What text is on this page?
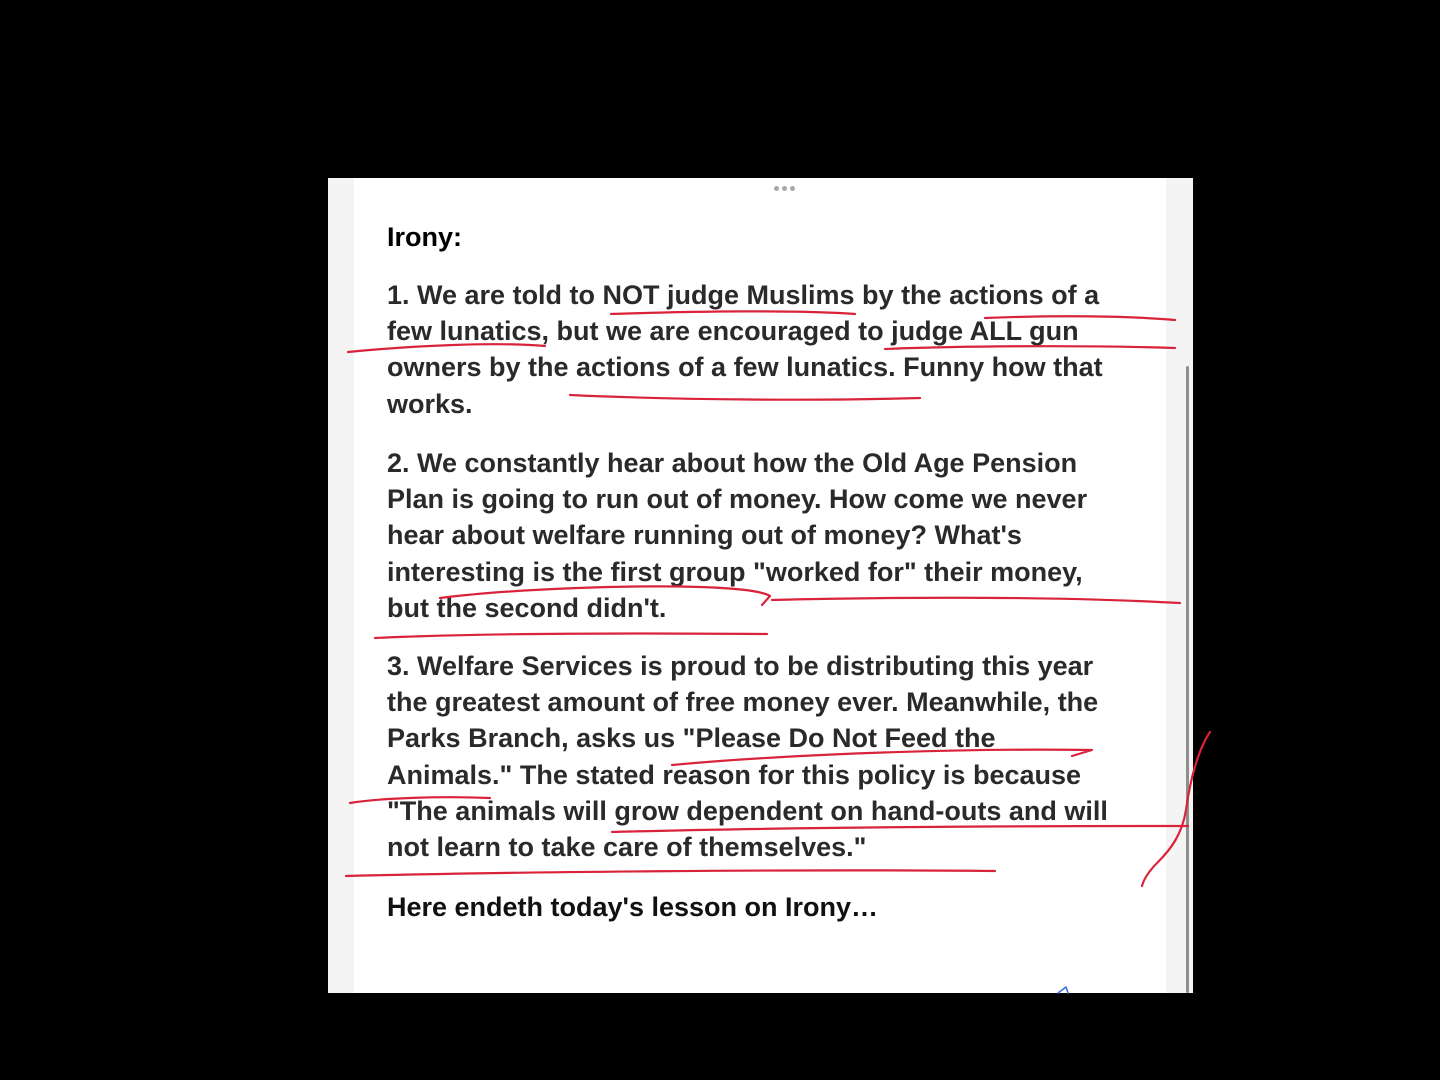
Irony:

1. We are told to NOT judge Muslims by the actions of a
few lunatics, but we are encouraged to judge ALL gun
owners by the actions of a few lunatics. Funny how that
works.

2. We constantly hear about how the Old Age Pension
Plan is going to run out of money. How come we never
hear about welfare running out of money? What's
interesting is the first group "worked for" their money,
but the second didn't.

3. Welfare Services is proud to be distributing this year
the greatest amount of free money ever. Meanwhile, the
Parks Branch, asks us "Please Do Not Feed the
Animals." The stated reason for this policy is because
"The animals will grow dependent on hand-outs and will
not learn to take care of themselves."

Here endeth today's lesson on Irony…
